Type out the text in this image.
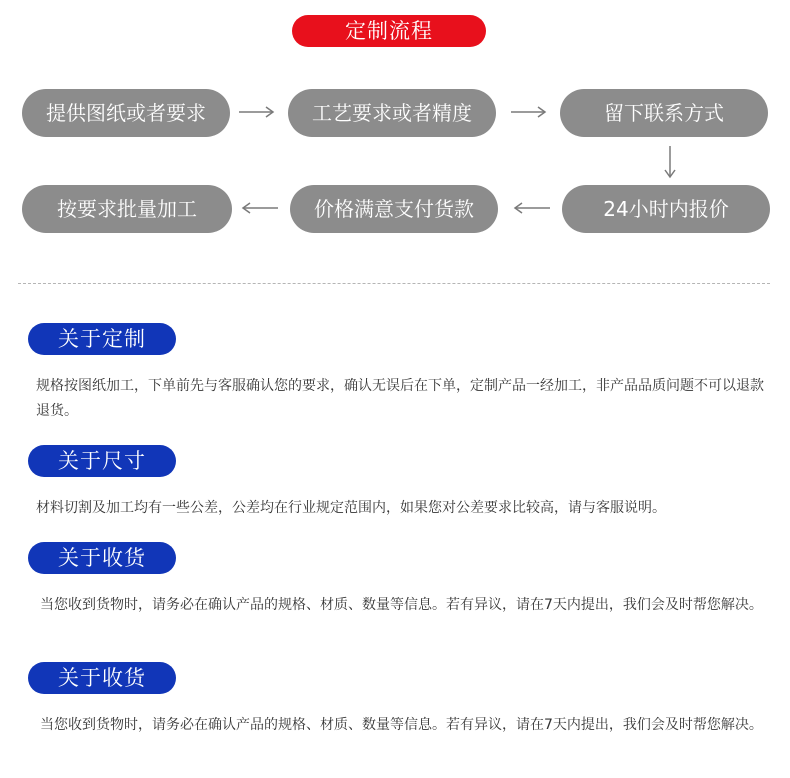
定制流程
提供图纸或者要求	工艺要求或者精度	留下联系方式
按要求批量加工	价格满意支付货款	24小时内报价
关于定制
规格按图纸加工，下单前先与客服确认您的要求，确认无误后在下单，定制产品一经加工，非产品品质问题不可以退款退货。
关于尺寸
材料切割及加工均有一些公差，公差均在行业规定范围内，如果您对公差要求比较高，请与客服说明。
关于收货
当您收到货物时，请务必在确认产品的规格、材质、数量等信息。若有异议，请在7天内提出，我们会及时帮您解决。
关于收货
当您收到货物时，请务必在确认产品的规格、材质、数量等信息。若有异议，请在7天内提出，我们会及时帮您解决。
